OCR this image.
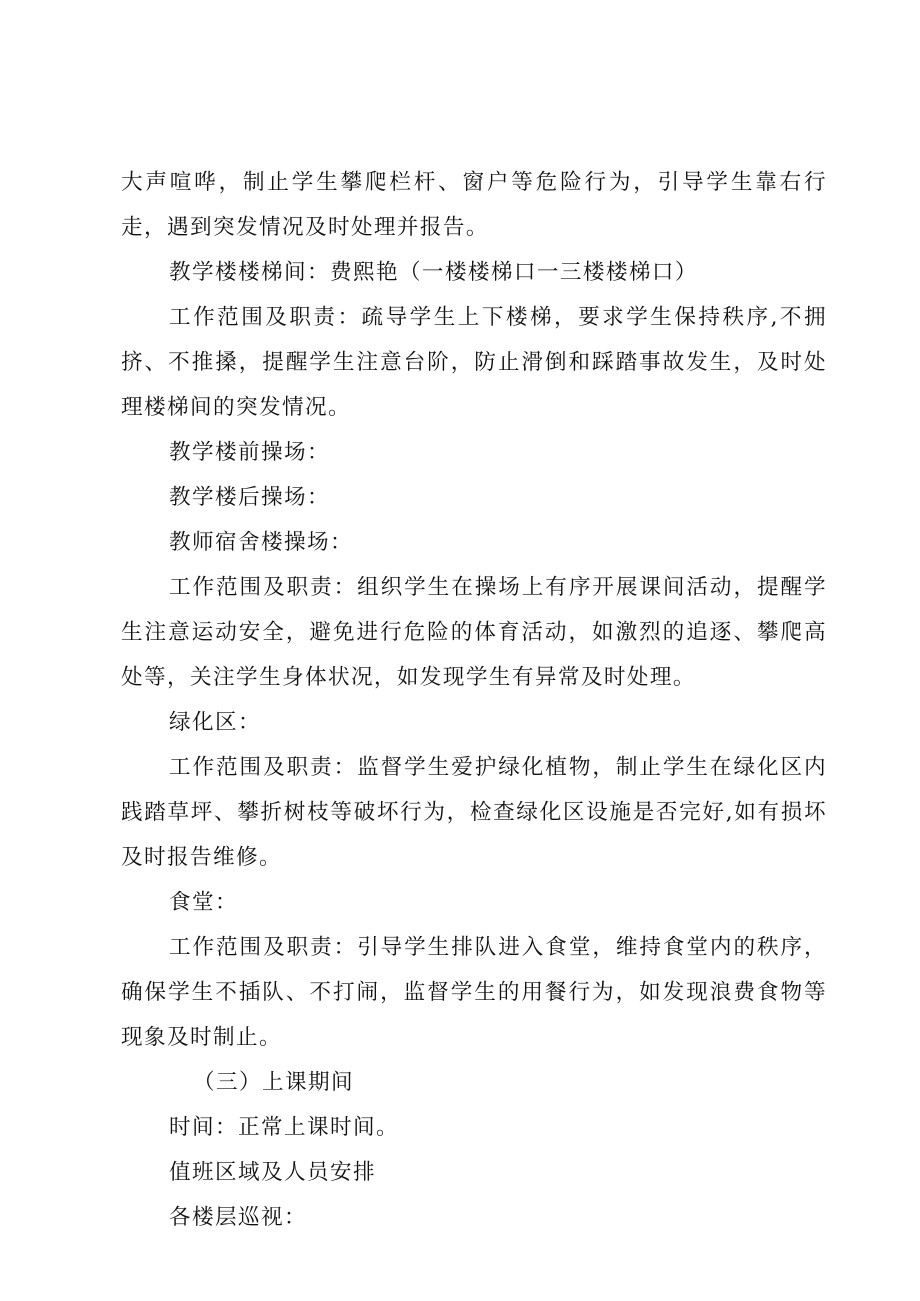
大声喧哗，制止学生攀爬栏杆、窗户等危险行为，引导学生靠右行走，遇到突发情况及时处理并报告。

教学楼楼梯间：费熙艳（一楼楼梯口一三楼楼梯口）

工作范围及职责：疏导学生上下楼梯，要求学生保持秩序,不拥挤、不推搡，提醒学生注意台阶，防止滑倒和踩踏事故发生，及时处理楼梯间的突发情况。

教学楼前操场：

教学楼后操场：

教师宿舍楼操场：

工作范围及职责：组织学生在操场上有序开展课间活动，提醒学生注意运动安全，避免进行危险的体育活动，如激烈的追逐、攀爬高处等，关注学生身体状况，如发现学生有异常及时处理。

绿化区：

工作范围及职责：监督学生爱护绿化植物，制止学生在绿化区内践踏草坪、攀折树枝等破坏行为，检查绿化区设施是否完好,如有损坏及时报告维修。

食堂：

工作范围及职责：引导学生排队进入食堂，维持食堂内的秩序，确保学生不插队、不打闹，监督学生的用餐行为，如发现浪费食物等现象及时制止。

（三）上课期间

时间：正常上课时间。

值班区域及人员安排

各楼层巡视：
